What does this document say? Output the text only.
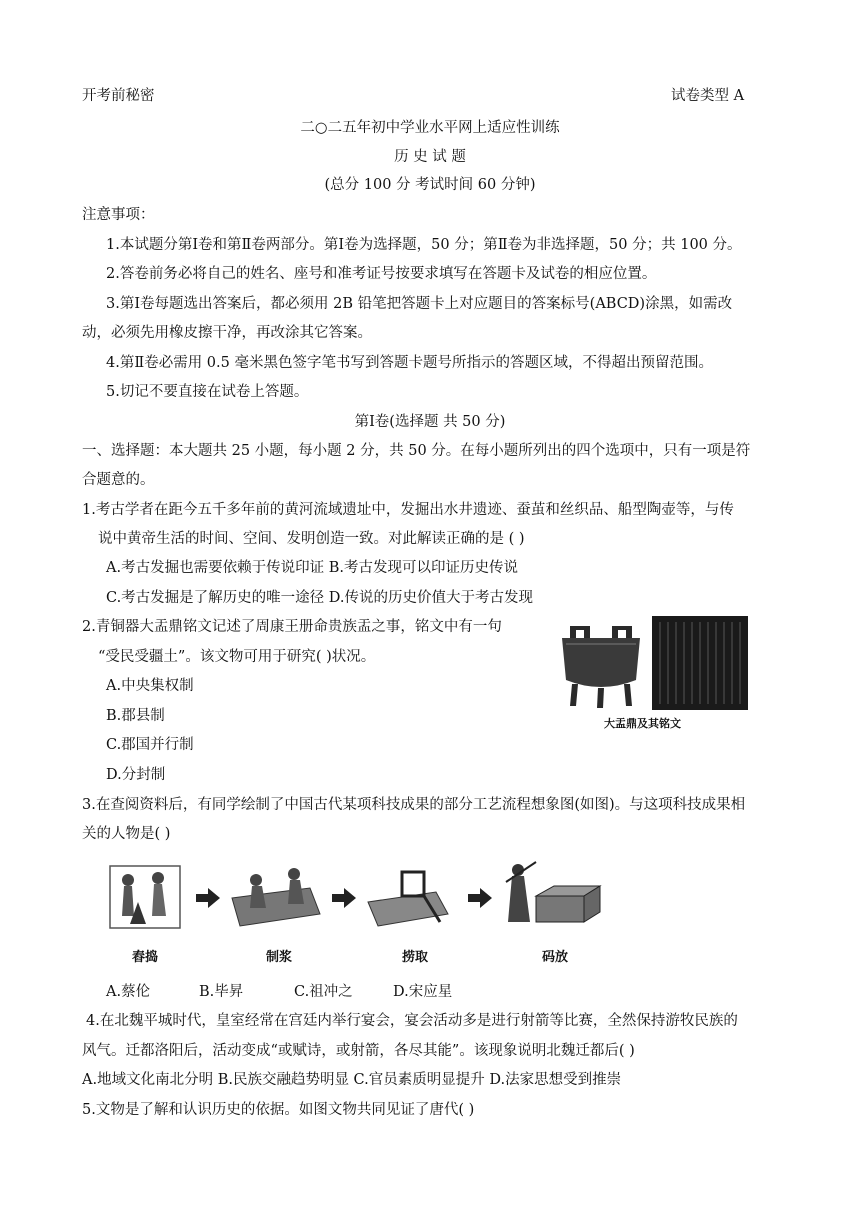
开考前秘密	试卷类型 A
二○二五年初中学业水平网上适应性训练
历 史 试 题
(总分 100 分 考试时间 60 分钟)
注意事项：
1.本试题分第Ⅰ卷和第Ⅱ卷两部分。第Ⅰ卷为选择题，50 分；第Ⅱ卷为非选择题，50 分；共 100 分。
2.答卷前务必将自己的姓名、座号和准考证号按要求填写在答题卡及试卷的相应位置。
3.第Ⅰ卷每题选出答案后，都必须用 2B 铅笔把答题卡上对应题目的答案标号(ABCD)涂黑，如需改
动，必须先用橡皮擦干净，再改涂其它答案。
4.第Ⅱ卷必需用 0.5 毫米黑色签字笔书写到答题卡题号所指示的答题区域，不得超出预留范围。
5.切记不要直接在试卷上答题。
第Ⅰ卷(选择题 共 50 分)
一、选择题：本大题共 25 小题，每小题 2 分，共 50 分。在每小题所列出的四个选项中，只有一项是符
合题意的。
1.考古学者在距今五千多年前的黄河流域遗址中，发掘出水井遗迹、蚕茧和丝织品、船型陶壶等，与传
说中黄帝生活的时间、空间、发明创造一致。对此解读正确的是 ( )
A.考古发掘也需要依赖于传说印证 B.考古发现可以印证历史传说
C.考古发掘是了解历史的唯一途径 D.传说的历史价值大于考古发现
2.青铜器大盂鼎铭文记述了周康王册命贵族盂之事，铭文中有一句
“受民受疆土”。该文物可用于研究( )状况。
A.中央集权制
B.郡县制
C.郡国并行制
D.分封制
大盂鼎及其铭文
3.在查阅资料后，有同学绘制了中国古代某项科技成果的部分工艺流程想象图(如图)。与这项科技成果相
关的人物是( )
舂捣	制浆	捞取	码放
A.蔡伦	B.毕昇	C.祖冲之	D.宋应星
4.在北魏平城时代，皇室经常在宫廷内举行宴会，宴会活动多是进行射箭等比赛，全然保持游牧民族的
风气。迁都洛阳后，活动变成“或赋诗，或射箭，各尽其能”。该现象说明北魏迁都后( )
A.地域文化南北分明 B.民族交融趋势明显 C.官员素质明显提升 D.法家思想受到推崇
5.文物是了解和认识历史的依据。如图文物共同见证了唐代( )
